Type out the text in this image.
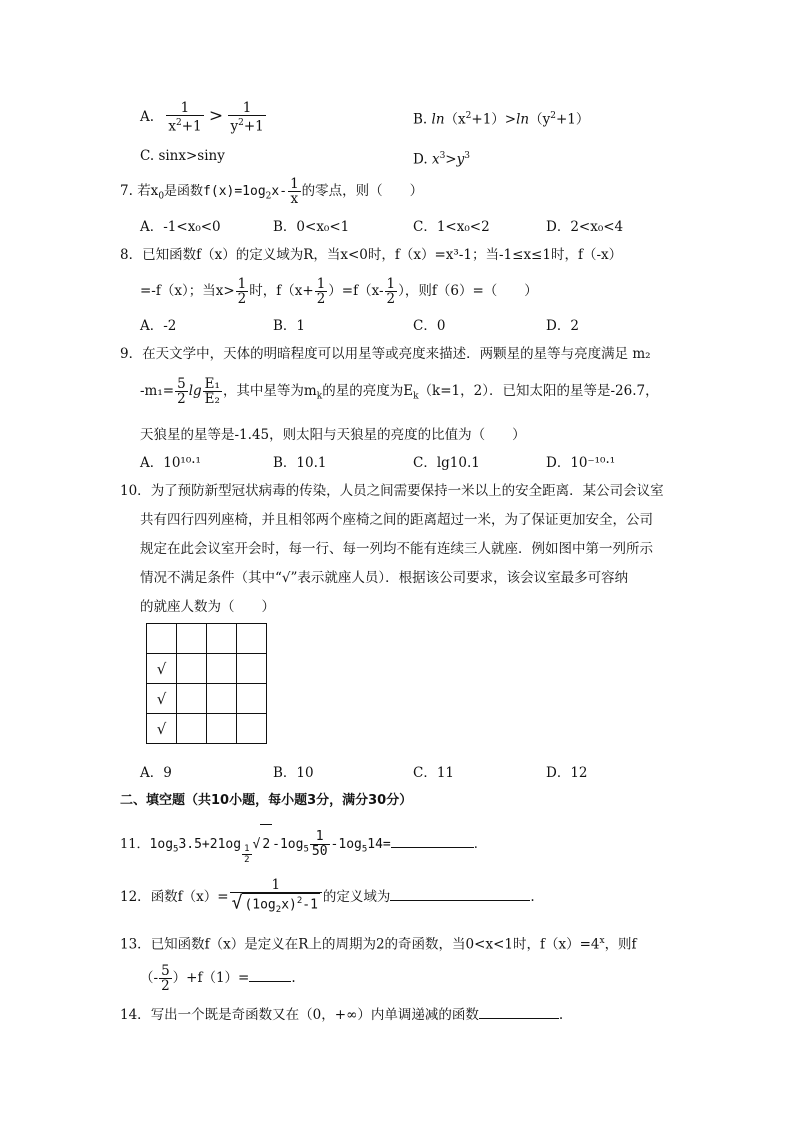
A. $\frac{1}{x^2+1} > \frac{1}{y^2+1}$	B. $\ln(x^2+1)>\ln(y^2+1)$
C. sinx>siny	D. $x^3>y^3$
7. 若$x_0$是函数$f(x)=1og_2x- \frac{1}{x}$ 的零点，则（　　）
A．-1<x₀<0	B．0<x₀<1	C．1<x₀<2	D．2<x₀<4
8．已知函数f（x）的定义域为R，当x<0时，f（x）=x³-1；当-1≤x≤1时，f（-x）
=-f（x）；当$x> \frac{1}{2}$ 时，$f(x+ \frac{1}{2} )=f(x- \frac{1}{2}$ ），则f（6）=（　　）
A．-2	B．1	C．0	D．2
9．在天文学中，天体的明暗程度可以用星等或亮度来描述．两颗星的星等与亮度满足 m₂
$-m_1= \frac{5}{2}$ $\lg \frac{\text{E₁}}{\text{E₂}}$ ，其中星等为$m_k$的星的亮度为$E_k(k=1$，2）．已知太阳的星等是-26.7，
天狼星的星等是-1.45，则太阳与天狼星的亮度的比值为（　　）
A．10¹⁰·¹	B．10.1	C．lg10.1	D．10⁻¹⁰·¹
10．为了预防新型冠状病毒的传染，人员之间需要保持一米以上的安全距离．某公司会议室
共有四行四列座椅，并且相邻两个座椅之间的距离超过一米，为了保证更加安全，公司
规定在此会议室开会时，每一行、每一列均不能有连续三人就座．例如图中第一列所示
情况不满足条件（其中“√”表示就座人员）．根据该公司要求，该会议室最多可容纳
的就座人数为（　　）
√
√
√
A．9	B．10	C．11	D．12
二、填空题（共10小题，每小题3分，满分30分）
11．$1og_53.5+21og \frac{1}{2}$ √ 2 $-1og_5 \frac{1}{50} -1og_514=$	.
12．函数$f(x)= \frac{1}{√ (1og_2x)^2-1}$ 的定义域为	.
13．已知函数f（x）是定义在R上的周期为2的奇函数，当0<x<1时，$f(x)=4^x$，则f
（- $\frac{5}{2} )+f(1)=$	.
14．写出一个既是奇函数又在（0，+∞）内单调递减的函数	.
